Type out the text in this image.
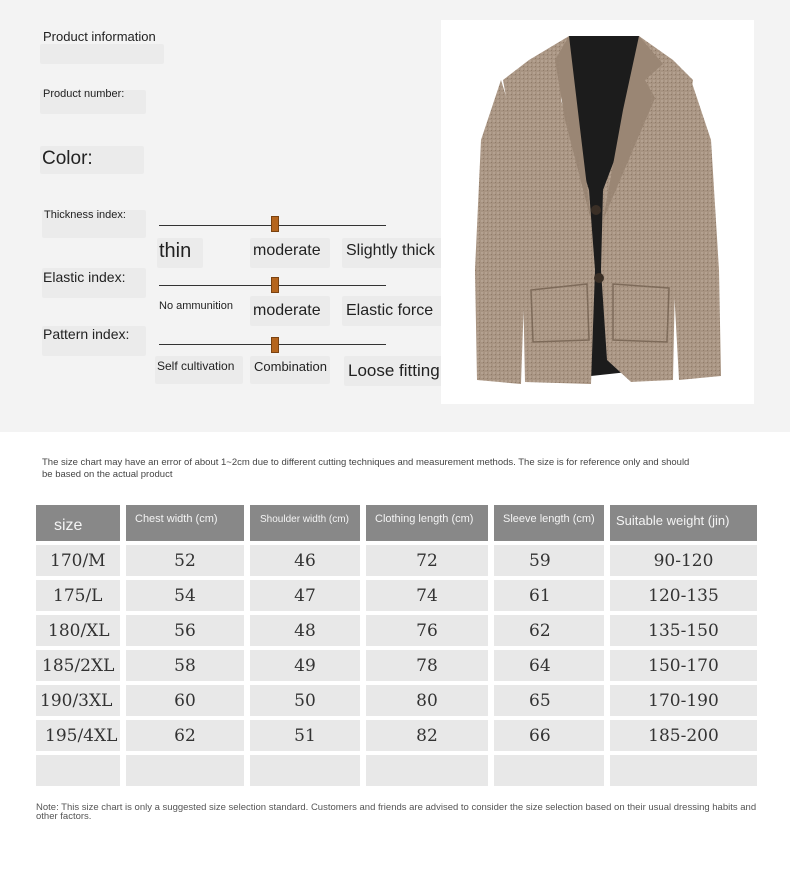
Product information
Product number:
Color:
Thickness index:
Elastic index:
Pattern index:
thin	moderate Slightly thick
No ammunition moderate Elastic force
Self cultivation Combination Loose fitting
The size chart may have an error of about 1~2cm due to different cutting techniques and measurement methods. The size is for reference only and should be based on the actual product
size	Chest width (cm)	Shoulder width (cm)	Clothing length (cm)	Sleeve length (cm)	Suitable weight (jin)
170/M	52	46	72	59	90-120
175/L	54	47	74	61	120-135
180/XL	56	48	76	62	135-150
185/2XL	58	49	78	64	150-170
190/3XL	60	50	80	65	170-190
195/4XL	62	51	82	66	185-200
Note: This size chart is only a suggested size selection standard. Customers and friends are advised to consider the size selection based on their usual dressing habits and other factors.
